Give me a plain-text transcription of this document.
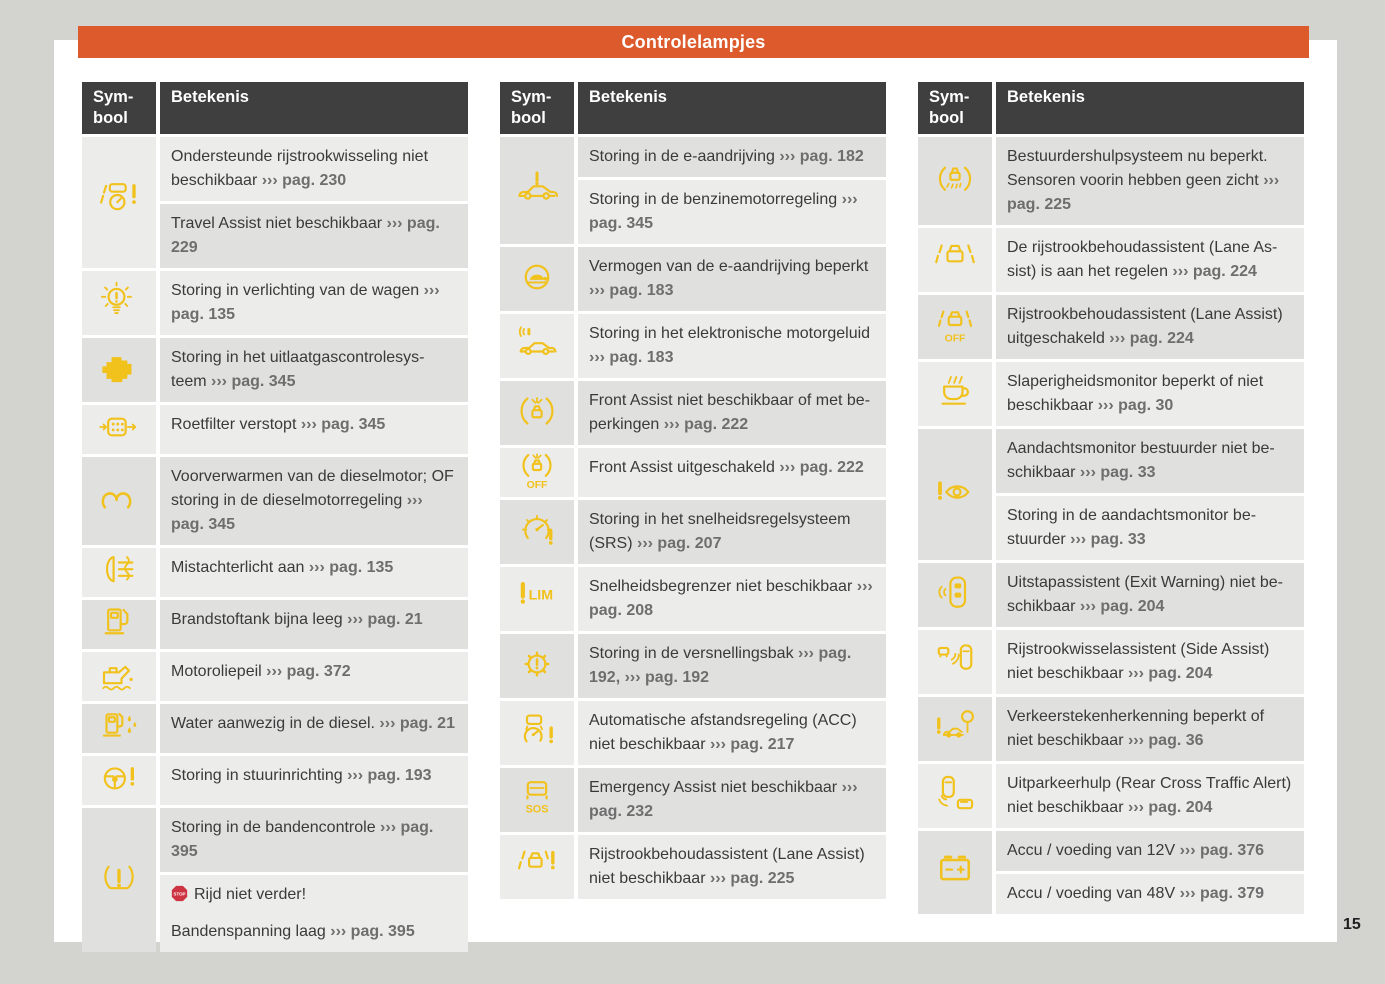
Controlelampjes
Sym-bool	Betekenis

Ondersteunde rijstrookwisseling niet beschikbaar ››› pag. 230

	Travel Assist niet beschikbaar ››› pag. 229

Storing in verlichting van de wagen ››› pag. 135

Storing in het uitlaatgascontrolesys-teem ››› pag. 345

Roetfilter verstopt ››› pag. 345

Voorverwarmen van de dieselmotor; OF storing in de dieselmotorregeling ››› pag. 345

Mistachterlicht aan ››› pag. 135

Brandstoftank bijna leeg ››› pag. 21

Motoroliepeil ››› pag. 372

Water aanwezig in de diesel. ››› pag. 21

Storing in stuurinrichting ››› pag. 193

Storing in de bandencontrole ››› pag. 395

STOP Rijd niet verder!
Bandenspanning laag ››› pag. 395
Sym-bool	Betekenis

Storing in de e-aandrijving ››› pag. 182

	Storing in de benzinemotorregeling ››› pag. 345

Vermogen van de e-aandrijving beperkt ››› pag. 183

Storing in het elektronische motorgeluid ››› pag. 183

Front Assist niet beschikbaar of met be-perkingen ››› pag. 222

OFF	Front Assist uitgeschakeld ››› pag. 222

Storing in het snelheidsregelsysteem (SRS) ››› pag. 207

LIM	Snelheidsbegrenzer niet beschikbaar ››› pag. 208

Storing in de versnellingsbak ››› pag. 192, ››› pag. 192

Automatische afstandsregeling (ACC) niet beschikbaar ››› pag. 217

SOS	Emergency Assist niet beschikbaar ››› pag. 232

Rijstrookbehoudassistent (Lane Assist) niet beschikbaar ››› pag. 225
Sym-bool	Betekenis

Bestuurdershulpsysteem nu beperkt. Sensoren voorin hebben geen zicht ››› pag. 225

De rijstrookbehoudassistent (Lane As-sist) is aan het regelen ››› pag. 224

OFF	Rijstrookbehoudassistent (Lane Assist) uitgeschakeld ››› pag. 224

Slaperigheidsmonitor beperkt of niet beschikbaar ››› pag. 30

Aandachtsmonitor bestuurder niet be-schikbaar ››› pag. 33

	Storing in de aandachtsmonitor be-stuurder ››› pag. 33

Uitstapassistent (Exit Warning) niet be-schikbaar ››› pag. 204

Rijstrookwisselassistent (Side Assist) niet beschikbaar ››› pag. 204

Verkeerstekenherkenning beperkt of niet beschikbaar ››› pag. 36

Uitparkeerhulp (Rear Cross Traffic Alert) niet beschikbaar ››› pag. 204

Accu / voeding van 12V ››› pag. 376

	Accu / voeding van 48V ››› pag. 379
15
